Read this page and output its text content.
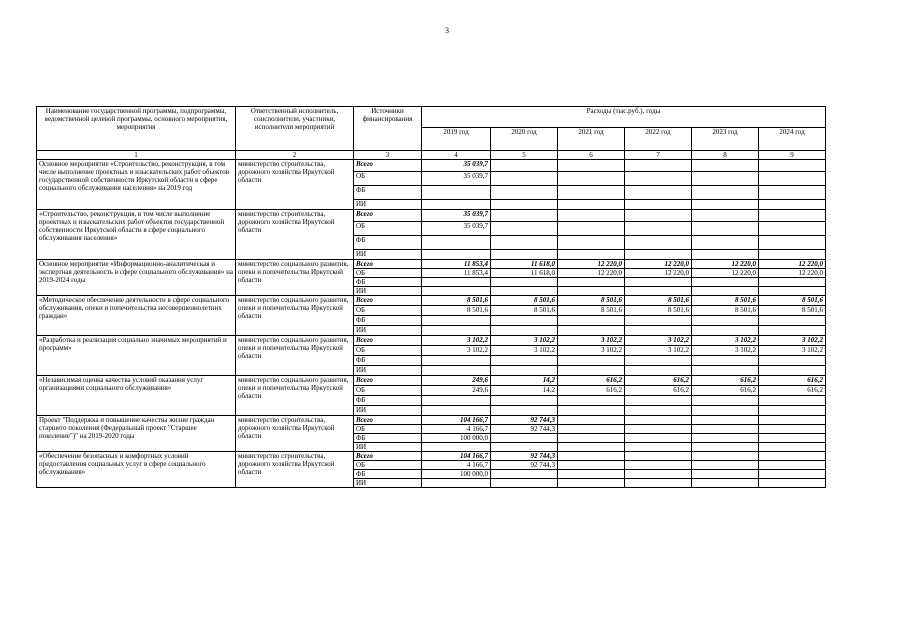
3
Наименование государственной программы, подпрограммы, ведомственной целевой программы, основного мероприятия, мероприятия	Ответственный исполнитель, соисполнители, участники, исполнители мероприятий	Источники финансирования	Расходы (тыс.руб.), годы					
			2019 год	2020 год	2021 год	2022 год	2023 год	2024 год
1	2	3	4	5	6	7	8	9
Основное мероприятие «Строительство, реконструкция, в том числе выполнение проектных и изыскательских работ объектов государственной собственности Иркутской области в сфере социального обслуживания населения» на 2019 год	министерство строительства, дорожного хозяйства Иркутской области	Всего	35 039,7					
		ОБ	35 039,7					
		ФБ						
		ИИ						
«Строительство, реконструкция, в том числе выполнение проектных и изыскательских работ объектов государственной собственности Иркутской области в сфере социального обслуживания населения»	министерство строительства, дорожного хозяйства Иркутской области	Всего	35 039,7					
		ОБ	35 039,7					
		ФБ						
		ИИ						
Основное мероприятие «Информационно-аналитическая и экспертная деятельность в сфере социального обслуживания» на 2019-2024 годы	министерство социального развития, опеки и попечительства Иркутской области	Всего	11 853,4	11 618,0	12 220,0	12 220,0	12 220,0	12 220,0
		ОБ	11 853,4	11 618,0	12 220,0	12 220,0	12 220,0	12 220,0
		ФБ						
		ИИ						
«Методическое обеспечение деятельности в сфере социального обслуживания, опеки и попечительства несовершеннолетних граждан»	министерство социального развития, опеки и попечительства Иркутской области	Всего	8 501,6	8 501,6	8 501,6	8 501,6	8 501,6	8 501,6
		ОБ	8 501,6	8 501,6	8 501,6	8 501,6	8 501,6	8 501,6
		ФБ						
		ИИ						
«Разработка и реализация социально значимых мероприятий и программ»	министерство социального развития, опеки и попечительства Иркутской области	Всего	3 102,2	3 102,2	3 102,2	3 102,2	3 102,2	3 102,2
		ОБ	3 102,2	3 102,2	3 102,2	3 102,2	3 102,2	3 102,2
		ФБ						
		ИИ						
«Независимая оценка качества условий оказания услуг организациями социального обслуживания»	министерство социального развития, опеки и попечительства Иркутской области	Всего	249,6	14,2	616,2	616,2	616,2	616,2
		ОБ	249,6	14,2	616,2	616,2	616,2	616,2
		ФБ						
		ИИ						
Проект "Поддержка и повышение качества жизни граждан старшего поколения (Федеральный проект "Старшее поколение")" на 2019-2020 годы	министерство строительства, дорожного хозяйства Иркутской области	Всего	104 166,7	92 744,3				
		ОБ	4 166,7	92 744,3				
		ФБ	100 000,0					
		ИИ						
«Обеспечение безопасных и комфортных условий предоставления социальных услуг в сфере социального обслуживания»	министерство строительства, дорожного хозяйства Иркутской области	Всего	104 166,7	92 744,3				
		ОБ	4 166,7	92 744,3				
		ФБ	100 000,0					
		ИИ						
